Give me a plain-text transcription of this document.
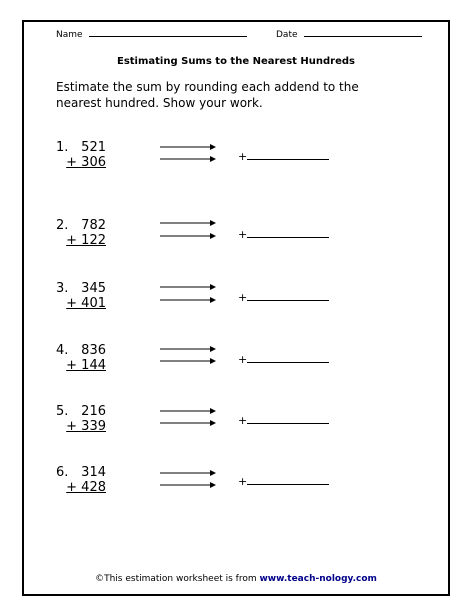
Name	Date
Estimating Sums to the Nearest Hundreds
Estimate the sum by rounding each addend to the nearest hundred. Show your work.
1. 521
+ 306	+
2. 782
+ 122	+
3. 345
+ 401	+
4. 836
+ 144	+
5. 216
+ 339	+
6. 314
+ 428	+
©This estimation worksheet is from www.teach-nology.com
